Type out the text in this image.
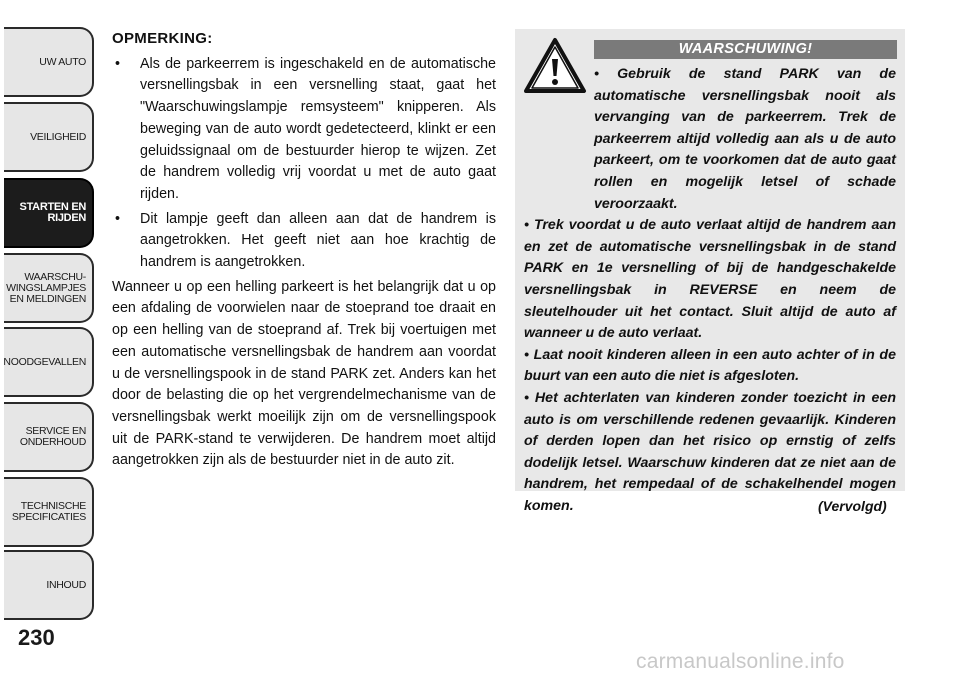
UW AUTO
VEILIGHEID
STARTEN EN
RIJDEN
WAARSCHU-
WINGSLAMPJES
EN MELDINGEN
NOODGEVALLEN
SERVICE EN
ONDERHOUD
TECHNISCHE
SPECIFICATIES
INHOUD
230
OPMERKING:
• Als de parkeerrem is ingeschakeld en de automatische versnellingsbak in een versnelling staat, gaat het "Waarschuwingslampje remsysteem" knipperen. Als beweging van de auto wordt gedetecteerd, klinkt er een geluidssignaal om de bestuurder hierop te wijzen. Zet de handrem volledig vrij voordat u met de auto gaat rijden.
• Dit lampje geeft dan alleen aan dat de handrem is aangetrokken. Het geeft niet aan hoe krachtig de handrem is aangetrokken.

Wanneer u op een helling parkeert is het belangrijk dat u op een afdaling de voorwielen naar de stoeprand toe draait en op een helling van de stoeprand af. Trek bij voertuigen met een automatische versnellingsbak de handrem aan voordat u de versnellingspook in de stand PARK zet. Anders kan het door de belasting die op het vergrendelmechanisme van de versnellingsbak werkt moeilijk zijn om de versnellingspook uit de PARK-stand te verwijderen. De handrem moet altijd aangetrokken zijn als de bestuurder niet in de auto zit.

WAARSCHUWING!
• Gebruik de stand PARK van de automatische versnellingsbak nooit als vervanging van de parkeerrem. Trek de parkeerrem altijd volledig aan als u de auto parkeert, om te voorkomen dat de auto gaat rollen en mogelijk letsel of schade veroorzaakt.
• Trek voordat u de auto verlaat altijd de handrem aan en zet de automatische versnellingsbak in de stand PARK en 1e versnelling of bij de handgeschakelde versnellingsbak in REVERSE en neem de sleutelhouder uit het contact. Sluit altijd de auto af wanneer u de auto verlaat.
• Laat nooit kinderen alleen in een auto achter of in de buurt van een auto die niet is afgesloten.
• Het achterlaten van kinderen zonder toezicht in een auto is om verschillende redenen gevaarlijk. Kinderen of derden lopen dan het risico op ernstig of zelfs dodelijk letsel. Waarschuw kinderen dat ze niet aan de handrem, het rempedaal of de schakelhendel mogen komen.	(Vervolgd)
carmanualsonline.info
